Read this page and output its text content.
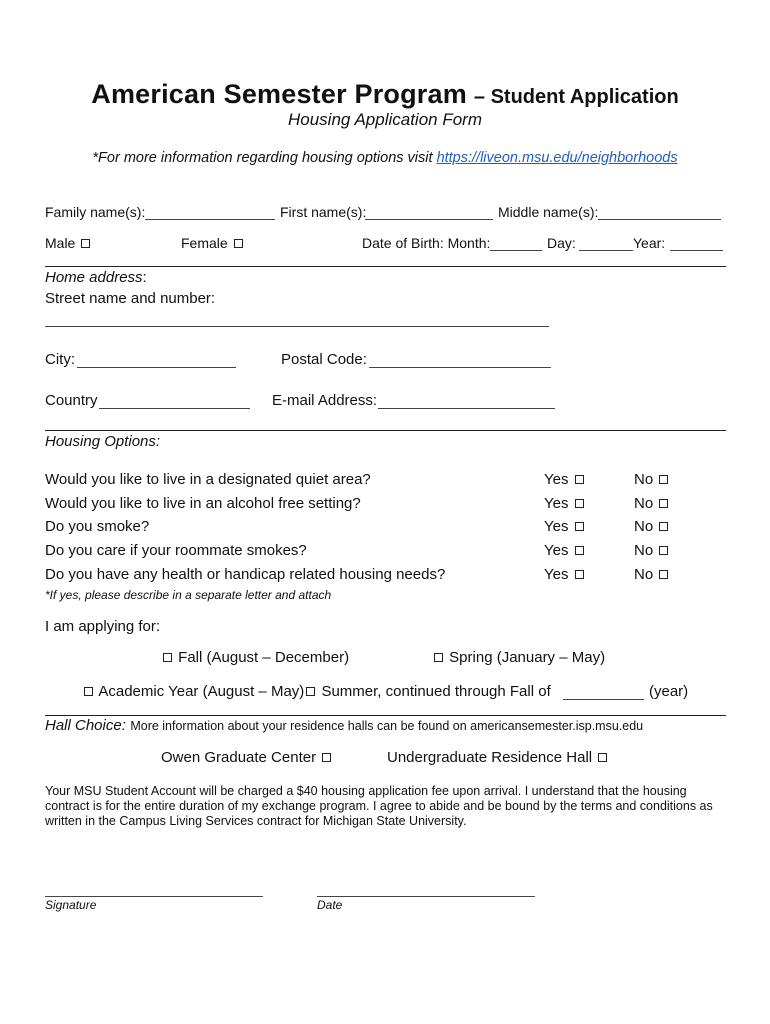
American Semester Program – Student Application
Housing Application Form
*For more information regarding housing options visit https://liveon.msu.edu/neighborhoods
Family name(s):	First name(s):	Middle name(s):
Male	Female	Date of Birth: Month:	Day:	Year:
Home address:
Street name and number:
City:	Postal Code:
Country	E-mail Address:
Housing Options:
Would you like to live in a designated quiet area?	Yes	No
Would you like to live in an alcohol free setting?	Yes	No
Do you smoke?	Yes	No
Do you care if your roommate smokes?	Yes	No
Do you have any health or handicap related housing needs?	Yes	No
*If yes, please describe in a separate letter and attach
I am applying for:
Fall (August – December)	Spring (January – May)
Academic Year (August – May) Summer, continued through Fall of	(year)
Hall Choice: More information about your residence halls can be found on americansemester.isp.msu.edu
Owen Graduate Center	Undergraduate Residence Hall
Your MSU Student Account will be charged a $40 housing application fee upon arrival. I understand that the housing contract is for the entire duration of my exchange program. I agree to abide and be bound by the terms and conditions as written in the Campus Living Services contract for Michigan State University.
Signature	Date
